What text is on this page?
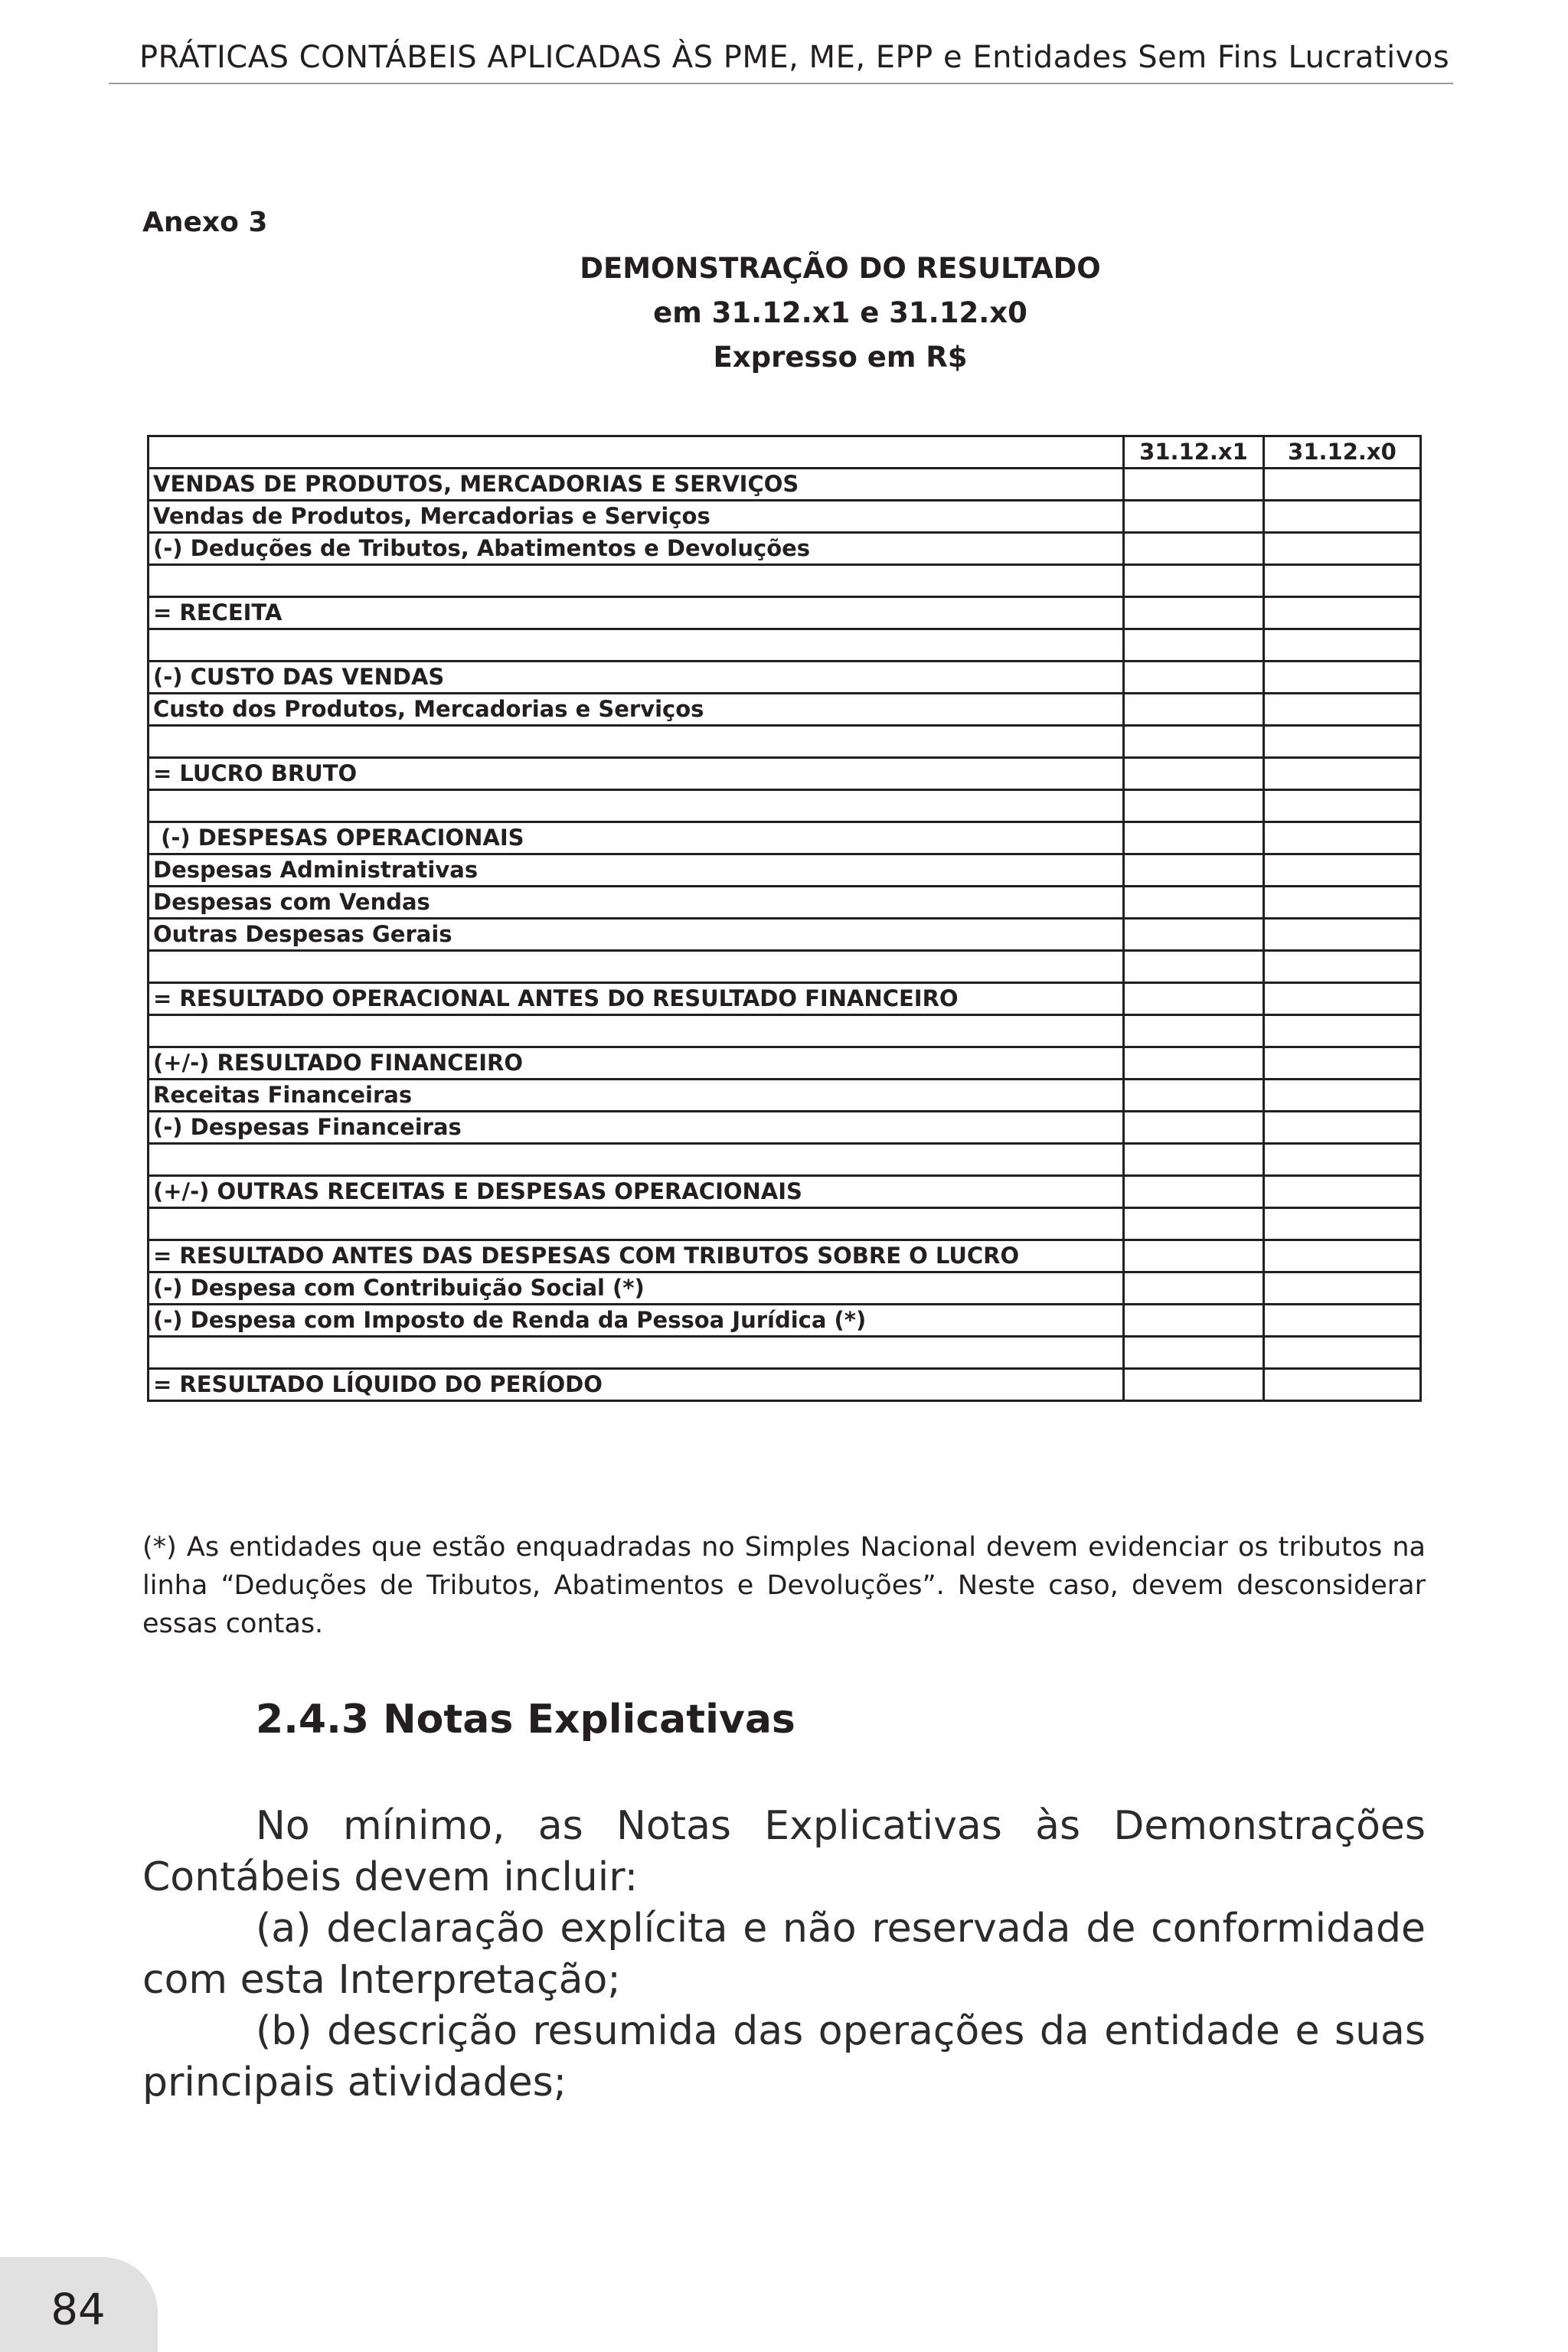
PRÁTICAS CONTÁBEIS APLICADAS ÀS PME, ME, EPP e Entidades Sem Fins Lucrativos
Anexo 3
DEMONSTRAÇÃO DO RESULTADO
em 31.12.x1 e 31.12.x0
Expresso em R$
	31.12.x1	31.12.x0
VENDAS DE PRODUTOS, MERCADORIAS E SERVIÇOS		
Vendas de Produtos, Mercadorias e Serviços		
(-) Deduções de Tributos, Abatimentos e Devoluções		

= RECEITA		

(-) CUSTO DAS VENDAS		
Custo dos Produtos, Mercadorias e Serviços		

= LUCRO BRUTO		

(-) DESPESAS OPERACIONAIS		
Despesas Administrativas		
Despesas com Vendas		
Outras Despesas Gerais		

= RESULTADO OPERACIONAL ANTES DO RESULTADO FINANCEIRO		

(+/-) RESULTADO FINANCEIRO		
Receitas Financeiras		
(-) Despesas Financeiras		

(+/-) OUTRAS RECEITAS E DESPESAS OPERACIONAIS		

= RESULTADO ANTES DAS DESPESAS COM TRIBUTOS SOBRE O LUCRO		
(-) Despesa com Contribuição Social (*)		
(-) Despesa com Imposto de Renda da Pessoa Jurídica (*)		

= RESULTADO LÍQUIDO DO PERÍODO		
(*) As entidades que estão enquadradas no Simples Nacional devem evidenciar os tributos na linha “Deduções de Tributos, Abatimentos e Devoluções”. Neste caso, devem desconsiderar essas contas.
2.4.3 Notas Explicativas

No mínimo, as Notas Explicativas às Demonstrações Contábeis devem incluir:

(a) declaração explícita e não reservada de conformidade com esta Interpretação;

(b) descrição resumida das operações da entidade e suas principais atividades;

84
